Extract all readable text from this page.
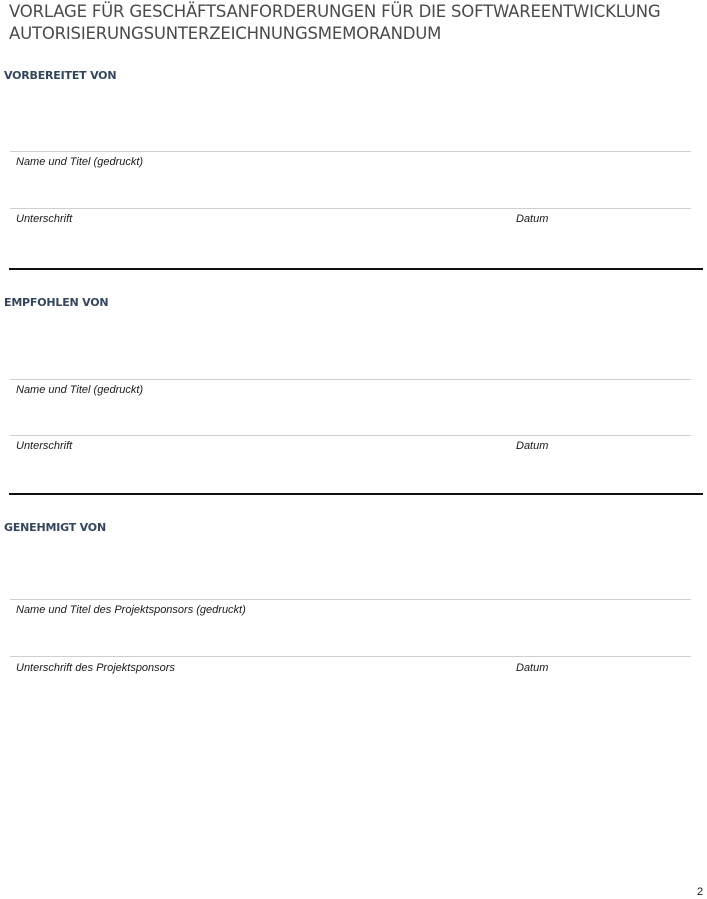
VORLAGE FÜR GESCHÄFTSANFORDERUNGEN FÜR DIE SOFTWAREENTWICKLUNG
AUTORISIERUNGSUNTERZEICHNUNGSMEMORANDUM
VORBEREITET VON
Name und Titel (gedruckt)
Unterschrift	Datum
EMPFOHLEN VON
Name und Titel (gedruckt)
Unterschrift	Datum
GENEHMIGT VON
Name und Titel des Projektsponsors (gedruckt)
Unterschrift des Projektsponsors	Datum
2
